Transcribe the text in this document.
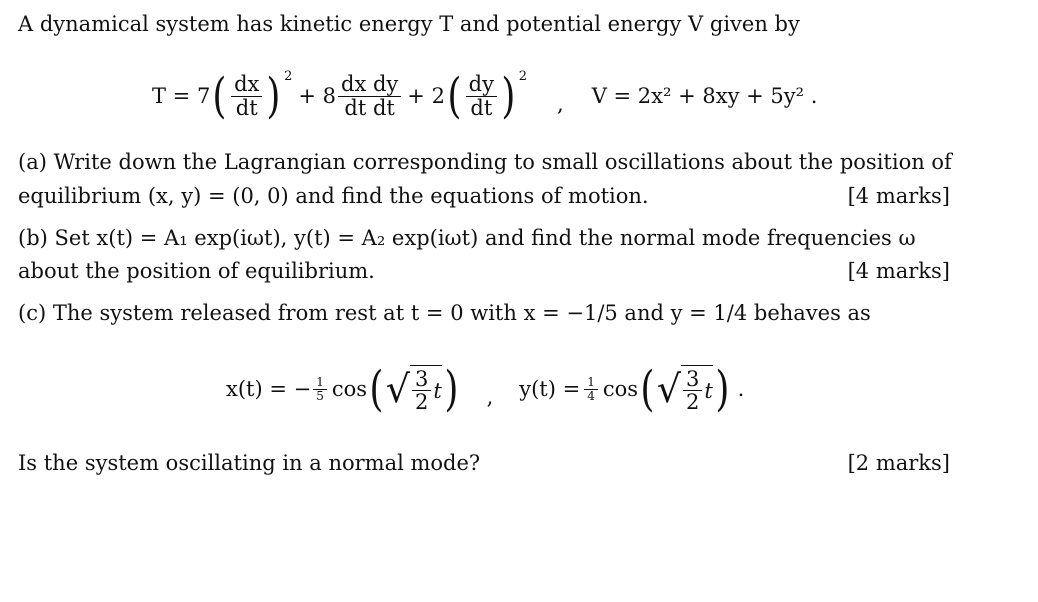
A dynamical system has kinetic energy T and potential energy V given by
T = 7 ( $\frac{dx}{dt}$ ) 2
+ $8 \frac{\text{dx dy}}{\text{dt dt}} + 2$ ( $\frac{dy}{dt}$ ) 2
, V = 2x² + 8xy + 5y² .
(a) Write down the Lagrangian corresponding to small oscillations about the position of
equilibrium (x, y) = (0, 0) and find the equations of motion.	[4 marks]
(b) Set x(t) = A₁ exp(iωt), y(t) = A₂ exp(iωt) and find the normal mode frequencies ω
about the position of equilibrium.	[4 marks]
(c) The system released from rest at t = 0 with x = −1/5 and y = 1/4 behaves as
x(t) = − $\frac{1}{5}$ cos ( √ $\frac{3}{2}$ t ) , $y(t) = \frac{1}{4}$ cos ( √ $\frac{3}{2}$ t ) .
Is the system oscillating in a normal mode?	[2 marks]
